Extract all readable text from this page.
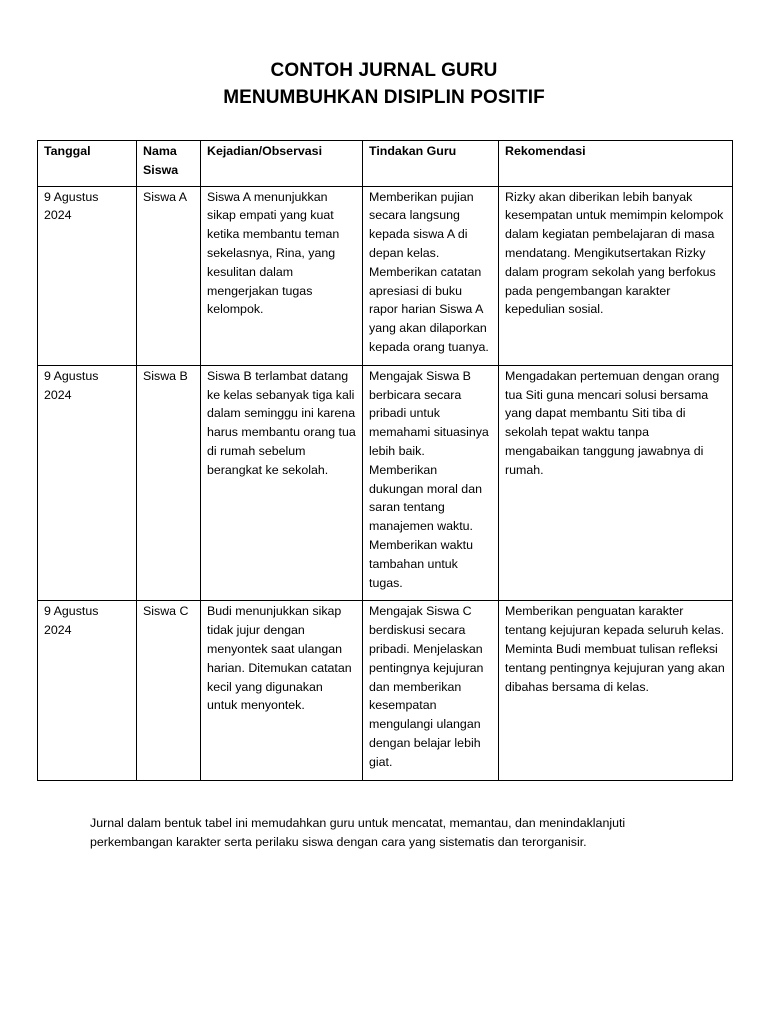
CONTOH JURNAL GURU
MENUMBUHKAN DISIPLIN POSITIF
Tanggal	Nama Siswa	Kejadian/Observasi	Tindakan Guru	Rekomendasi
9 Agustus 2024	Siswa A	Siswa A menunjukkan sikap empati yang kuat ketika membantu teman sekelasnya, Rina, yang kesulitan dalam mengerjakan tugas kelompok.	Memberikan pujian secara langsung kepada siswa A di depan kelas. Memberikan catatan apresiasi di buku rapor harian Siswa A yang akan dilaporkan kepada orang tuanya.	Rizky akan diberikan lebih banyak kesempatan untuk memimpin kelompok dalam kegiatan pembelajaran di masa mendatang. Mengikutsertakan Rizky dalam program sekolah yang berfokus pada pengembangan karakter kepedulian sosial.
9 Agustus 2024	Siswa B	Siswa B terlambat datang ke kelas sebanyak tiga kali dalam seminggu ini karena harus membantu orang tua di rumah sebelum berangkat ke sekolah.	Mengajak Siswa B berbicara secara pribadi untuk memahami situasinya lebih baik. Memberikan dukungan moral dan saran tentang manajemen waktu. Memberikan waktu tambahan untuk tugas.	Mengadakan pertemuan dengan orang tua Siti guna mencari solusi bersama yang dapat membantu Siti tiba di sekolah tepat waktu tanpa mengabaikan tanggung jawabnya di rumah.
9 Agustus 2024	Siswa C	Budi menunjukkan sikap tidak jujur dengan menyontek saat ulangan harian. Ditemukan catatan kecil yang digunakan untuk menyontek.	Mengajak Siswa C berdiskusi secara pribadi. Menjelaskan pentingnya kejujuran dan memberikan kesempatan mengulangi ulangan dengan belajar lebih giat.	Memberikan penguatan karakter tentang kejujuran kepada seluruh kelas. Meminta Budi membuat tulisan refleksi tentang pentingnya kejujuran yang akan dibahas bersama di kelas.

Jurnal dalam bentuk tabel ini memudahkan guru untuk mencatat, memantau, dan menindaklanjuti perkembangan karakter serta perilaku siswa dengan cara yang sistematis dan terorganisir.
